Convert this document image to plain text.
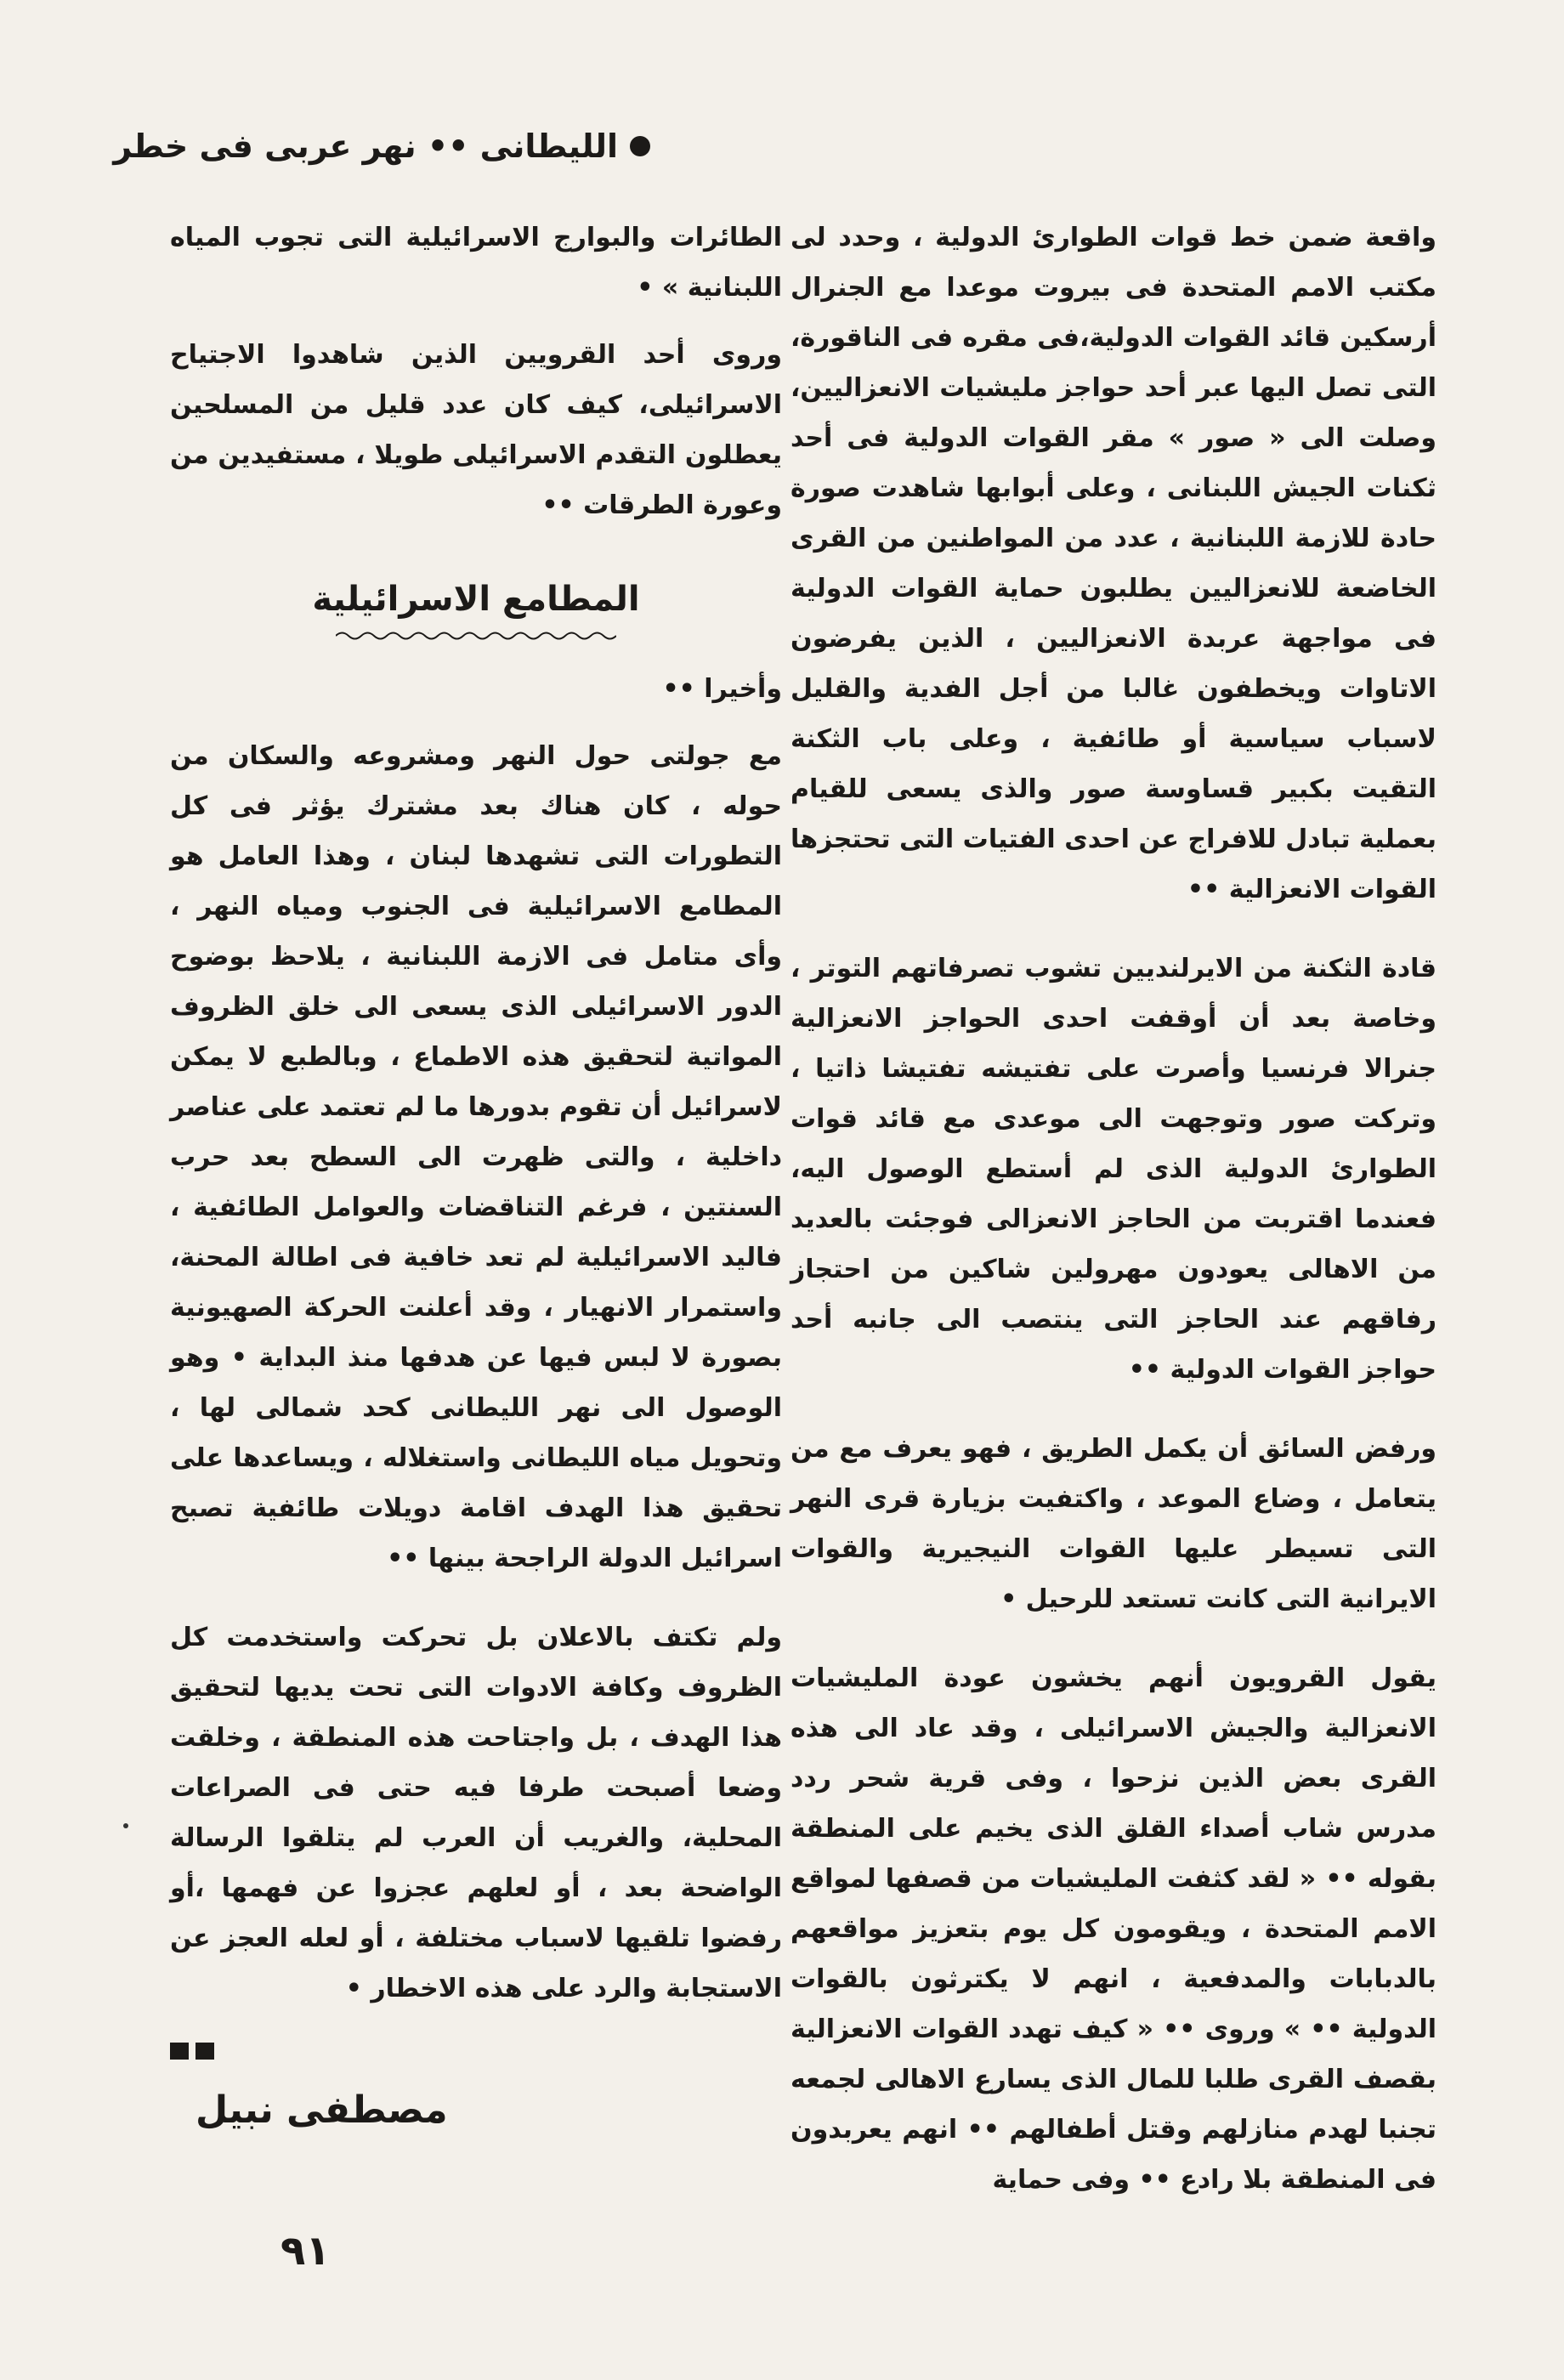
الليطانى •• نهر عربى فى خطر

واقعة ضمن خط قوات الطوارئ الدولية ، وحدد لى مكتب الامم المتحدة فى بيروت موعدا مع الجنرال أرسكين قائد القوات الدولية،فى مقره فى الناقورة، التى تصل اليها عبر أحد حواجز مليشيات الانعزاليين، وصلت الى « صور » مقر القوات الدولية فى أحد ثكنات الجيش اللبنانى ، وعلى أبوابها شاهدت صورة حادة للازمة اللبنانية ، عدد من المواطنين من القرى الخاضعة للانعزاليين يطلبون حماية القوات الدولية فى مواجهة عربدة الانعزاليين ، الذين يفرضون الاتاوات ويخطفون غالبا من أجل الفدية والقليل لاسباب سياسية أو طائفية ، وعلى باب الثكنة التقيت بكبير قساوسة صور والذى يسعى للقيام بعملية تبادل للافراج عن احدى الفتيات التى تحتجزها القوات الانعزالية ••

قادة الثكنة من الايرلنديين تشوب تصرفاتهم التوتر ، وخاصة بعد أن أوقفت احدى الحواجز الانعزالية جنرالا فرنسيا وأصرت على تفتيشه تفتيشا ذاتيا ، وتركت صور وتوجهت الى موعدى مع قائد قوات الطوارئ الدولية الذى لم أستطع الوصول اليه، فعندما اقتربت من الحاجز الانعزالى فوجئت بالعديد من الاهالى يعودون مهرولين شاكين من احتجاز رفاقهم عند الحاجز التى ينتصب الى جانبه أحد حواجز القوات الدولية ••

ورفض السائق أن يكمل الطريق ، فهو يعرف مع من يتعامل ، وضاع الموعد ، واكتفيت بزيارة قرى النهر التى تسيطر عليها القوات النيجيرية والقوات الايرانية التى كانت تستعد للرحيل •

يقول القرويون أنهم يخشون عودة المليشيات الانعزالية والجيش الاسرائيلى ، وقد عاد الى هذه القرى بعض الذين نزحوا ، وفى قرية شحر ردد مدرس شاب أصداء القلق الذى يخيم على المنطقة بقوله •• « لقد كثفت المليشيات من قصفها لمواقع الامم المتحدة ، ويقومون كل يوم بتعزيز مواقعهم بالدبابات والمدفعية ، انهم لا يكترثون بالقوات الدولية •• » وروى •• « كيف تهدد القوات الانعزالية بقصف القرى طلبا للمال الذى يسارع الاهالى لجمعه تجنبا لهدم منازلهم وقتل أطفالهم •• انهم يعربدون فى المنطقة بلا رادع •• وفى حماية

الطائرات والبوارج الاسرائيلية التى تجوب المياه اللبنانية » •

وروى أحد القرويين الذين شاهدوا الاجتياح الاسرائيلى، كيف كان عدد قليل من المسلحين يعطلون التقدم الاسرائيلى طويلا ، مستفيدين من وعورة الطرقات ••

المطامع الاسرائيلية

وأخيرا ••

مع جولتى حول النهر ومشروعه والسكان من حوله ، كان هناك بعد مشترك يؤثر فى كل التطورات التى تشهدها لبنان ، وهذا العامل هو المطامع الاسرائيلية فى الجنوب ومياه النهر ، وأى متامل فى الازمة اللبنانية ، يلاحظ بوضوح الدور الاسرائيلى الذى يسعى الى خلق الظروف المواتية لتحقيق هذه الاطماع ، وبالطبع لا يمكن لاسرائيل أن تقوم بدورها ما لم تعتمد على عناصر داخلية ، والتى ظهرت الى السطح بعد حرب السنتين ، فرغم التناقضات والعوامل الطائفية ، فاليد الاسرائيلية لم تعد خافية فى اطالة المحنة، واستمرار الانهيار ، وقد أعلنت الحركة الصهيونية بصورة لا لبس فيها عن هدفها منذ البداية • وهو الوصول الى نهر الليطانى كحد شمالى لها ، وتحويل مياه الليطانى واستغلاله ، ويساعدها على تحقيق هذا الهدف اقامة دويلات طائفية تصبح اسرائيل الدولة الراجحة بينها ••

ولم تكتف بالاعلان بل تحركت واستخدمت كل الظروف وكافة الادوات التى تحت يديها لتحقيق هذا الهدف ، بل واجتاحت هذه المنطقة ، وخلقت وضعا أصبحت طرفا فيه حتى فى الصراعات المحلية، والغريب أن العرب لم يتلقوا الرسالة الواضحة بعد ، أو لعلهم عجزوا عن فهمها ،أو رفضوا تلقيها لاسباب مختلفة ، أو لعله العجز عن الاستجابة والرد على هذه الاخطار •

مصطفى نبيل
٩١
